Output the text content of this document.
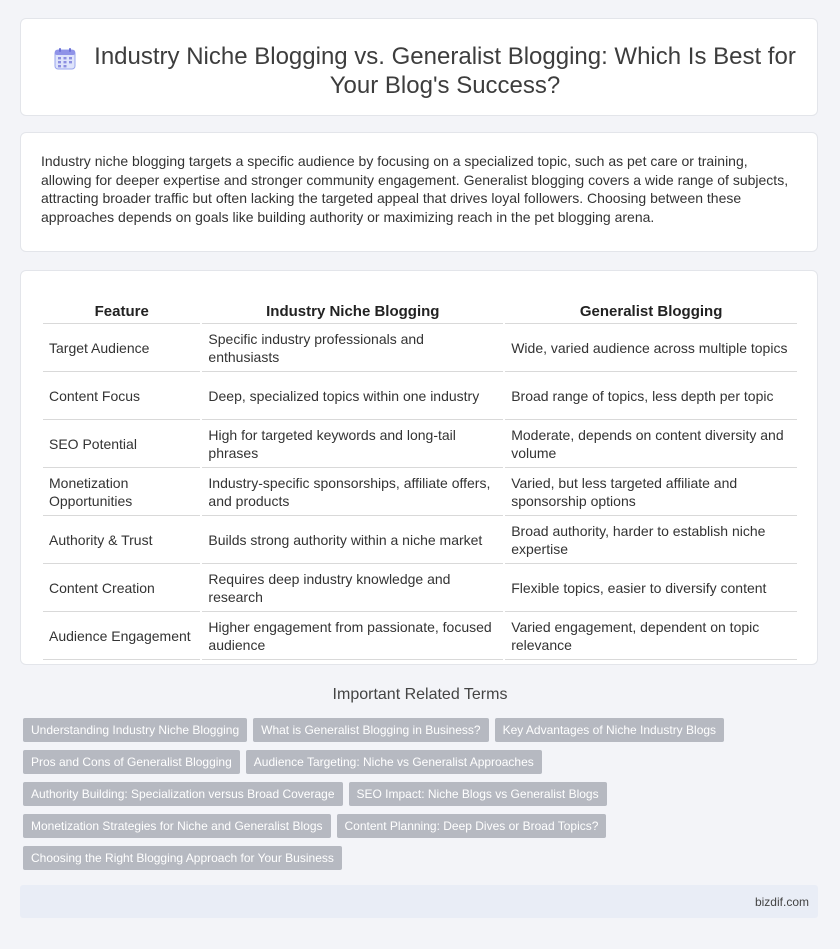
Industry Niche Blogging vs. Generalist Blogging: Which Is Best for Your Blog's Success?
Industry niche blogging targets a specific audience by focusing on a specialized topic, such as pet care or training, allowing for deeper expertise and stronger community engagement. Generalist blogging covers a wide range of subjects, attracting broader traffic but often lacking the targeted appeal that drives loyal followers. Choosing between these approaches depends on goals like building authority or maximizing reach in the pet blogging arena.
Feature	Industry Niche Blogging	Generalist Blogging
Target Audience	Specific industry professionals and enthusiasts	Wide, varied audience across multiple topics
Content Focus	Deep, specialized topics within one industry	Broad range of topics, less depth per topic
SEO Potential	High for targeted keywords and long-tail phrases	Moderate, depends on content diversity and volume
Monetization Opportunities	Industry-specific sponsorships, affiliate offers, and products	Varied, but less targeted affiliate and sponsorship options
Authority & Trust	Builds strong authority within a niche market	Broad authority, harder to establish niche expertise
Content Creation	Requires deep industry knowledge and research	Flexible topics, easier to diversify content
Audience Engagement	Higher engagement from passionate, focused audience	Varied engagement, dependent on topic relevance
Important Related Terms
Understanding Industry Niche Blogging	What is Generalist Blogging in Business?	Key Advantages of Niche Industry Blogs
Pros and Cons of Generalist Blogging	Audience Targeting: Niche vs Generalist Approaches
Authority Building: Specialization versus Broad Coverage	SEO Impact: Niche Blogs vs Generalist Blogs
Monetization Strategies for Niche and Generalist Blogs	Content Planning: Deep Dives or Broad Topics?
Choosing the Right Blogging Approach for Your Business
bizdif.com
